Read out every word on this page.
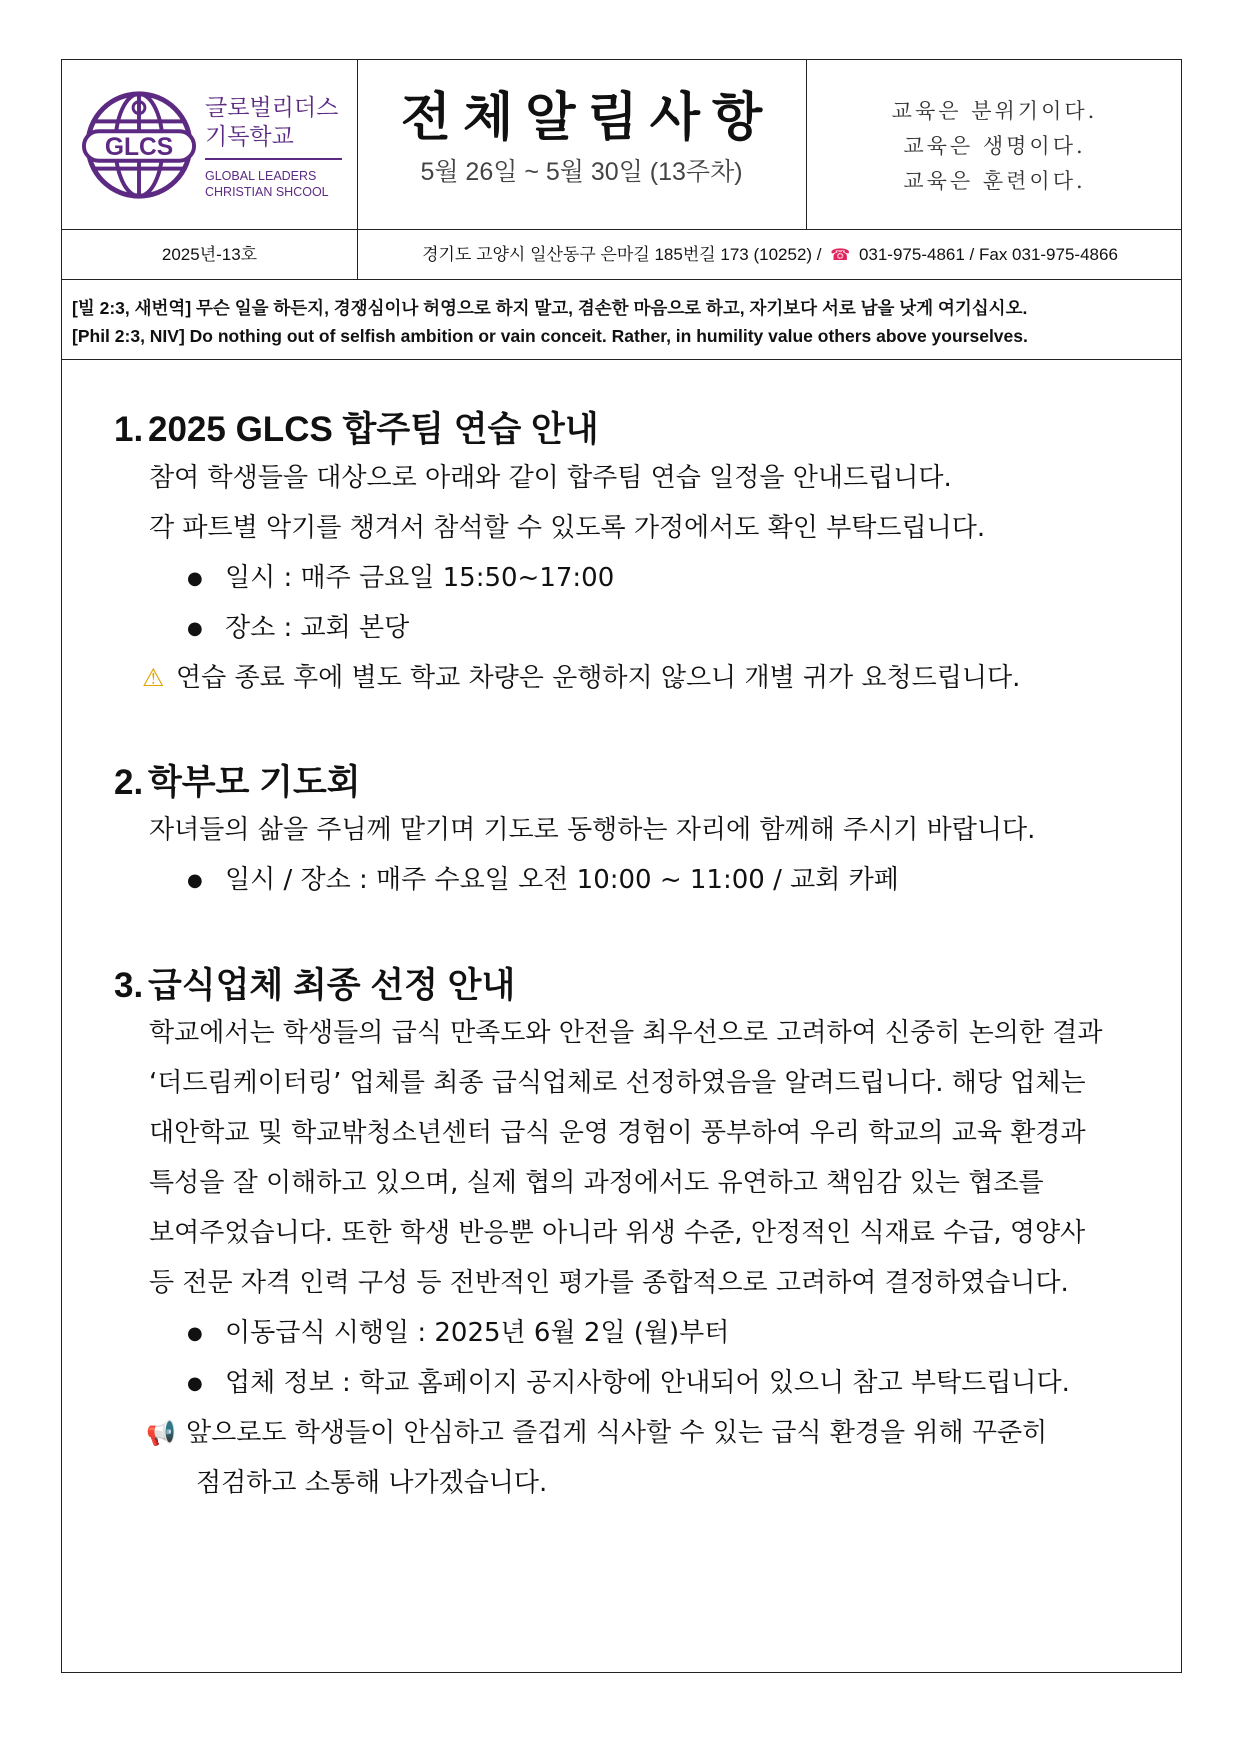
GLCS
글로벌리더스
기독학교
GLOBAL LEADERS
CHRISTIAN SHCOOL
전체알림사항
5월 26일 ~ 5월 30일 (13주차)
교육은 분위기이다.
교육은 생명이다.
교육은 훈련이다.
2025년-13호	경기도 고양시 일산동구 은마길 185번길 173 (10252) / ☎ 031-975-4861 / Fax 031-975-4866
[빌 2:3, 새번역] 무슨 일을 하든지, 경쟁심이나 허영으로 하지 말고, 겸손한 마음으로 하고, 자기보다 서로 남을 낫게 여기십시오.
[Phil 2:3, NIV] Do nothing out of selfish ambition or vain conceit. Rather, in humility value others above yourselves.
1. 2025 GLCS 합주팀 연습 안내
참여 학생들을 대상으로 아래와 같이 합주팀 연습 일정을 안내드립니다.
각 파트별 악기를 챙겨서 참석할 수 있도록 가정에서도 확인 부탁드립니다.
● 일시 : 매주 금요일 15:50~17:00
● 장소 : 교회 본당
⚠ 연습 종료 후에 별도 학교 차량은 운행하지 않으니 개별 귀가 요청드립니다.
2. 학부모 기도회
자녀들의 삶을 주님께 맡기며 기도로 동행하는 자리에 함께해 주시기 바랍니다.
● 일시 / 장소 : 매주 수요일 오전 10:00 ~ 11:00 / 교회 카페
3. 급식업체 최종 선정 안내
학교에서는 학생들의 급식 만족도와 안전을 최우선으로 고려하여 신중히 논의한 결과
‘더드림케이터링’ 업체를 최종 급식업체로 선정하였음을 알려드립니다. 해당 업체는
대안학교 및 학교밖청소년센터 급식 운영 경험이 풍부하여 우리 학교의 교육 환경과
특성을 잘 이해하고 있으며, 실제 협의 과정에서도 유연하고 책임감 있는 협조를
보여주었습니다. 또한 학생 반응뿐 아니라 위생 수준, 안정적인 식재료 수급, 영양사
등 전문 자격 인력 구성 등 전반적인 평가를 종합적으로 고려하여 결정하였습니다.
● 이동급식 시행일 : 2025년 6월 2일 (월)부터
● 업체 정보 : 학교 홈페이지 공지사항에 안내되어 있으니 참고 부탁드립니다.
📢 앞으로도 학생들이 안심하고 즐겁게 식사할 수 있는 급식 환경을 위해 꾸준히
점검하고 소통해 나가겠습니다.
